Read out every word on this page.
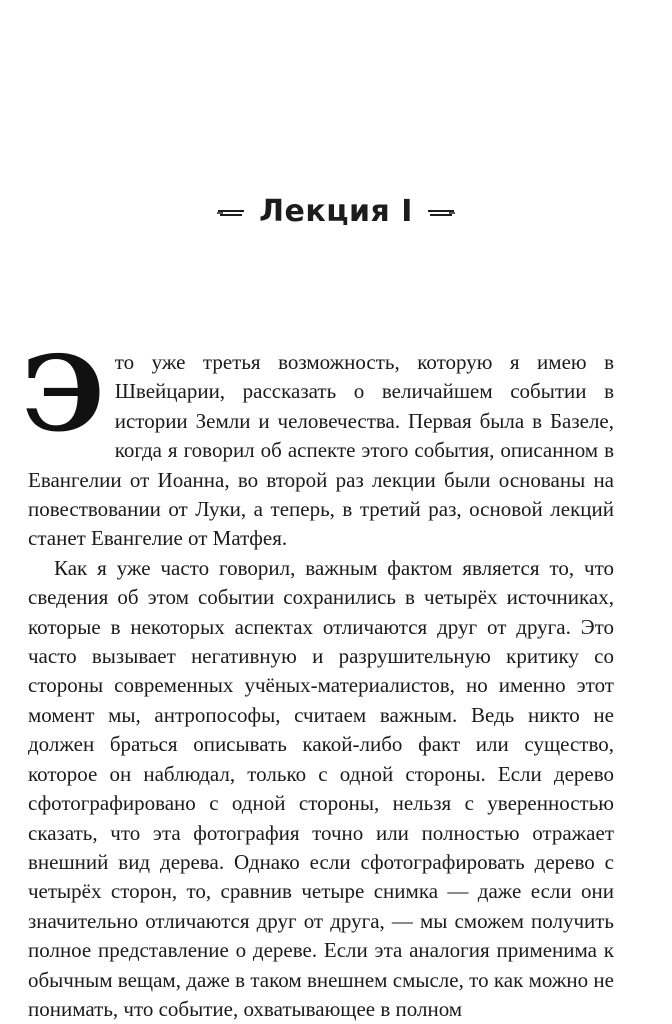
Лекция I

Это уже третья возможность, которую я имею в Швейцарии, рассказать о величайшем событии в истории Земли и человечества. Первая была в Базеле, когда я говорил об аспекте этого события, описанном в Евангелии от Иоанна, во второй раз лекции были основаны на повествовании от Луки, а теперь, в третий раз, основой лекций станет Евангелие от Матфея.

Как я уже часто говорил, важным фактом является то, что сведения об этом событии сохранились в четырёх источниках, которые в некоторых аспектах отличаются друг от друга. Это часто вызывает негативную и разрушительную критику со стороны современных учёных-материалистов, но именно этот момент мы, антропософы, считаем важным. Ведь никто не должен браться описывать какой-либо факт или существо, которое он наблюдал, только с одной стороны. Если дерево сфотографировано с одной стороны, нельзя с уверенностью сказать, что эта фотография точно или полностью отражает внешний вид дерева. Однако если сфотографировать дерево с четырёх сторон, то, сравнив четыре снимка — даже если они значительно отличаются друг от друга, — мы сможем получить полное представление о дереве. Если эта аналогия применима к обычным вещам, даже в таком внешнем смысле, то как можно не понимать, что событие, охватывающее в полном
